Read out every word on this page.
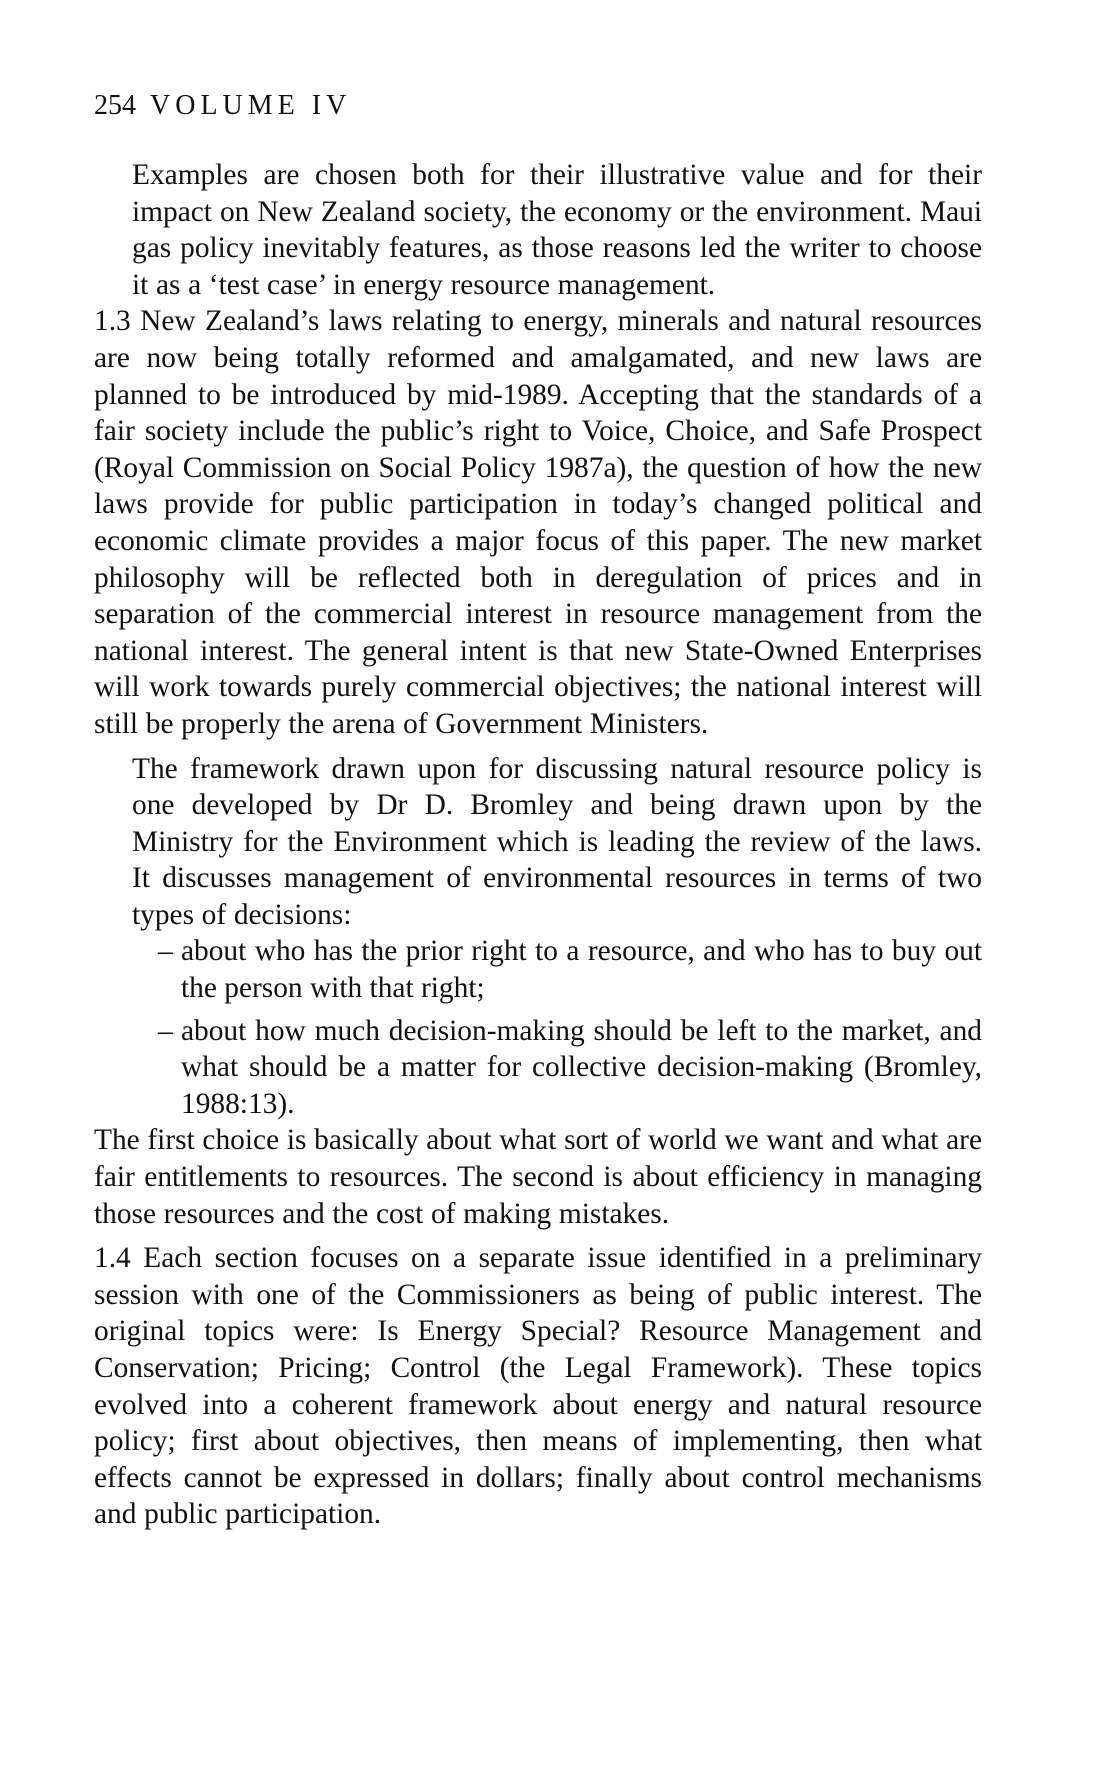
254 VOLUME IV

Examples are chosen both for their illustrative value and for their impact on New Zealand society, the economy or the environment. Maui gas policy inevitably features, as those reasons led the writer to choose it as a ‘test case’ in energy resource management.

1.3 New Zealand’s laws relating to energy, minerals and natural resources are now being totally reformed and amalgamated, and new laws are planned to be introduced by mid-1989. Accepting that the standards of a fair society include the public’s right to Voice, Choice, and Safe Prospect (Royal Commission on Social Policy 1987a), the question of how the new laws provide for public participation in today’s changed political and economic climate provides a major focus of this paper. The new market philosophy will be reflected both in deregulation of prices and in separation of the commercial interest in resource management from the national interest. The general intent is that new State-Owned Enterprises will work towards purely commercial objectives; the national interest will still be properly the arena of Government Ministers.

The framework drawn upon for discussing natural resource policy is one developed by Dr D. Bromley and being drawn upon by the Ministry for the Environment which is leading the review of the laws. It discusses management of environmental resources in terms of two types of decisions:

– about who has the prior right to a resource, and who has to buy out the person with that right;
– about how much decision-making should be left to the market, and what should be a matter for collective decision-making (Bromley, 1988:13).

The first choice is basically about what sort of world we want and what are fair entitlements to resources. The second is about efficiency in managing those resources and the cost of making mistakes.

1.4 Each section focuses on a separate issue identified in a preliminary session with one of the Commissioners as being of public interest. The original topics were: Is Energy Special? Resource Management and Conservation; Pricing; Control (the Legal Framework). These topics evolved into a coherent framework about energy and natural resource policy; first about objectives, then means of implementing, then what effects cannot be expressed in dollars; finally about control mechanisms and public participation.
